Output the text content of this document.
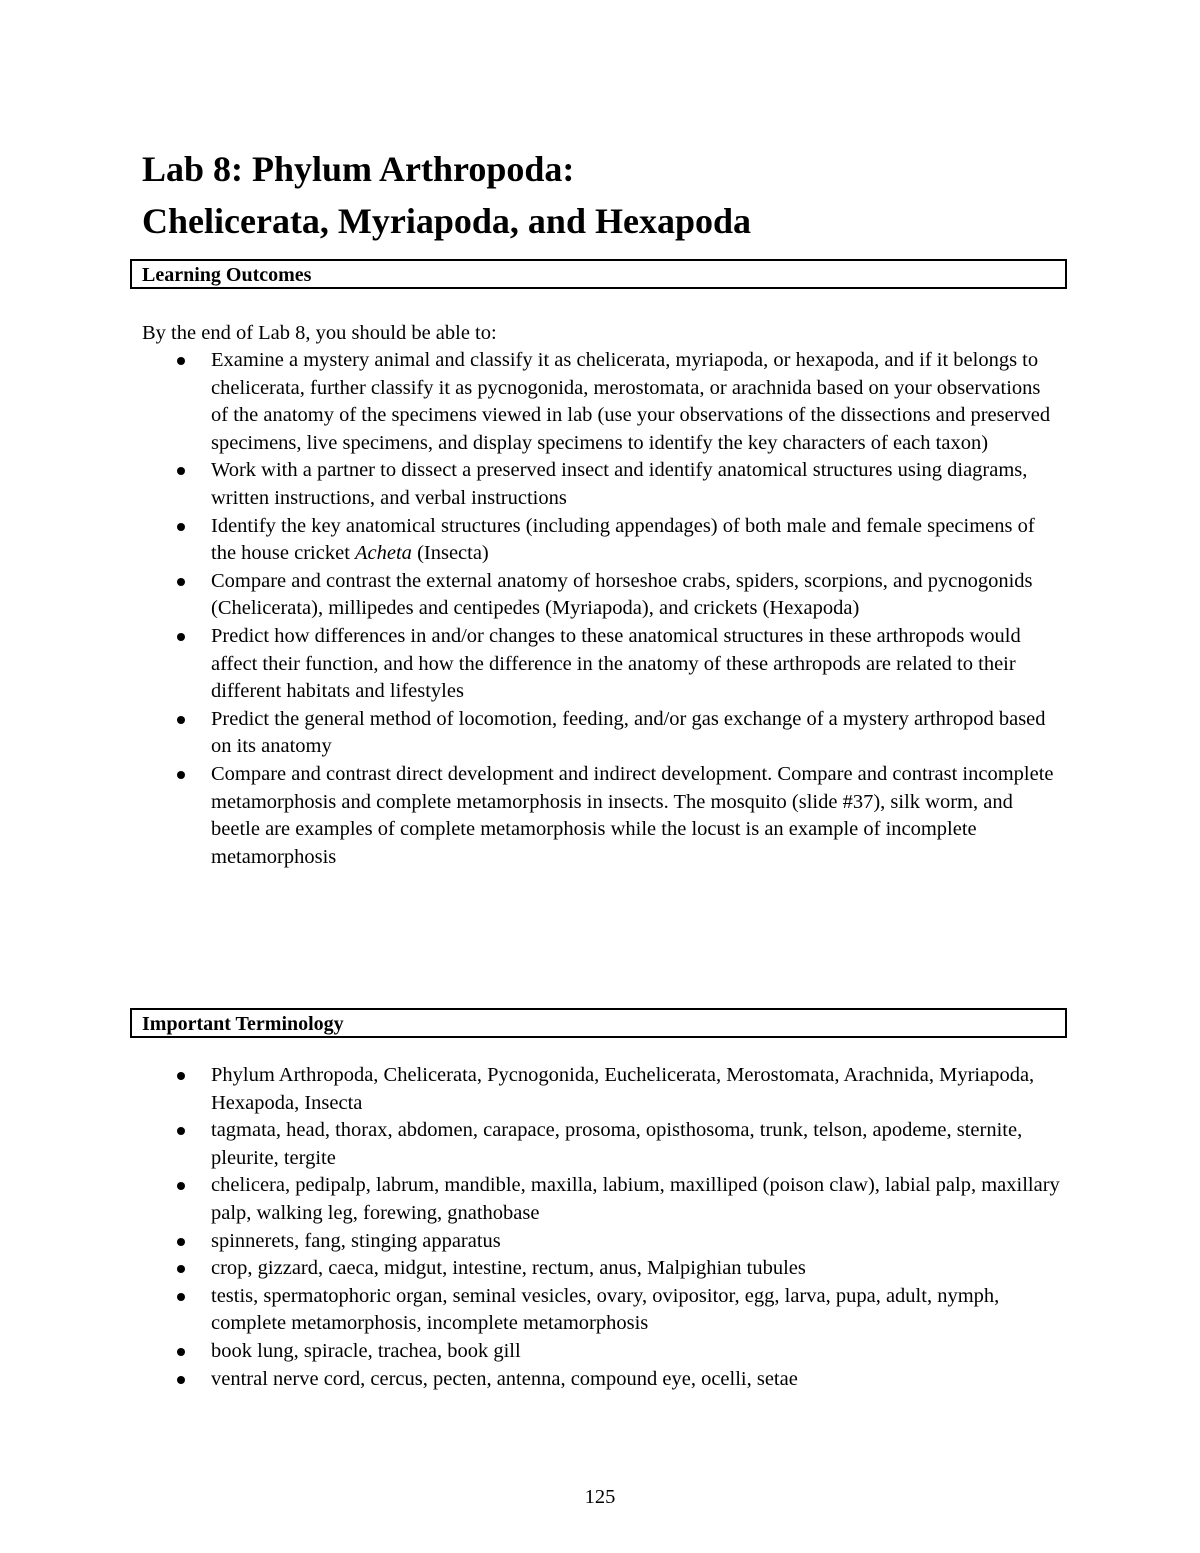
Lab 8: Phylum Arthropoda:
Chelicerata, Myriapoda, and Hexapoda
Learning Outcomes
By the end of Lab 8, you should be able to:
Examine a mystery animal and classify it as chelicerata, myriapoda, or hexapoda, and if it belongs to chelicerata, further classify it as pycnogonida, merostomata, or arachnida based on your observations of the anatomy of the specimens viewed in lab (use your observations of the dissections and preserved specimens, live specimens, and display specimens to identify the key characters of each taxon)
Work with a partner to dissect a preserved insect and identify anatomical structures using diagrams, written instructions, and verbal instructions
Identify the key anatomical structures (including appendages) of both male and female specimens of the house cricket Acheta (Insecta)
Compare and contrast the external anatomy of horseshoe crabs, spiders, scorpions, and pycnogonids (Chelicerata), millipedes and centipedes (Myriapoda), and crickets (Hexapoda)
Predict how differences in and/or changes to these anatomical structures in these arthropods would affect their function, and how the difference in the anatomy of these arthropods are related to their different habitats and lifestyles
Predict the general method of locomotion, feeding, and/or gas exchange of a mystery arthropod based on its anatomy
Compare and contrast direct development and indirect development. Compare and contrast incomplete metamorphosis and complete metamorphosis in insects. The mosquito (slide #37), silk worm, and beetle are examples of complete metamorphosis while the locust is an example of incomplete metamorphosis
Important Terminology
Phylum Arthropoda, Chelicerata, Pycnogonida, Euchelicerata, Merostomata, Arachnida, Myriapoda, Hexapoda, Insecta
tagmata, head, thorax, abdomen, carapace, prosoma, opisthosoma, trunk, telson, apodeme, sternite, pleurite, tergite
chelicera, pedipalp, labrum, mandible, maxilla, labium, maxilliped (poison claw), labial palp, maxillary palp, walking leg, forewing, gnathobase
spinnerets, fang, stinging apparatus
crop, gizzard, caeca, midgut, intestine, rectum, anus, Malpighian tubules
testis, spermatophoric organ, seminal vesicles, ovary, ovipositor, egg, larva, pupa, adult, nymph, complete metamorphosis, incomplete metamorphosis
book lung, spiracle, trachea, book gill
ventral nerve cord, cercus, pecten, antenna, compound eye, ocelli, setae
125
